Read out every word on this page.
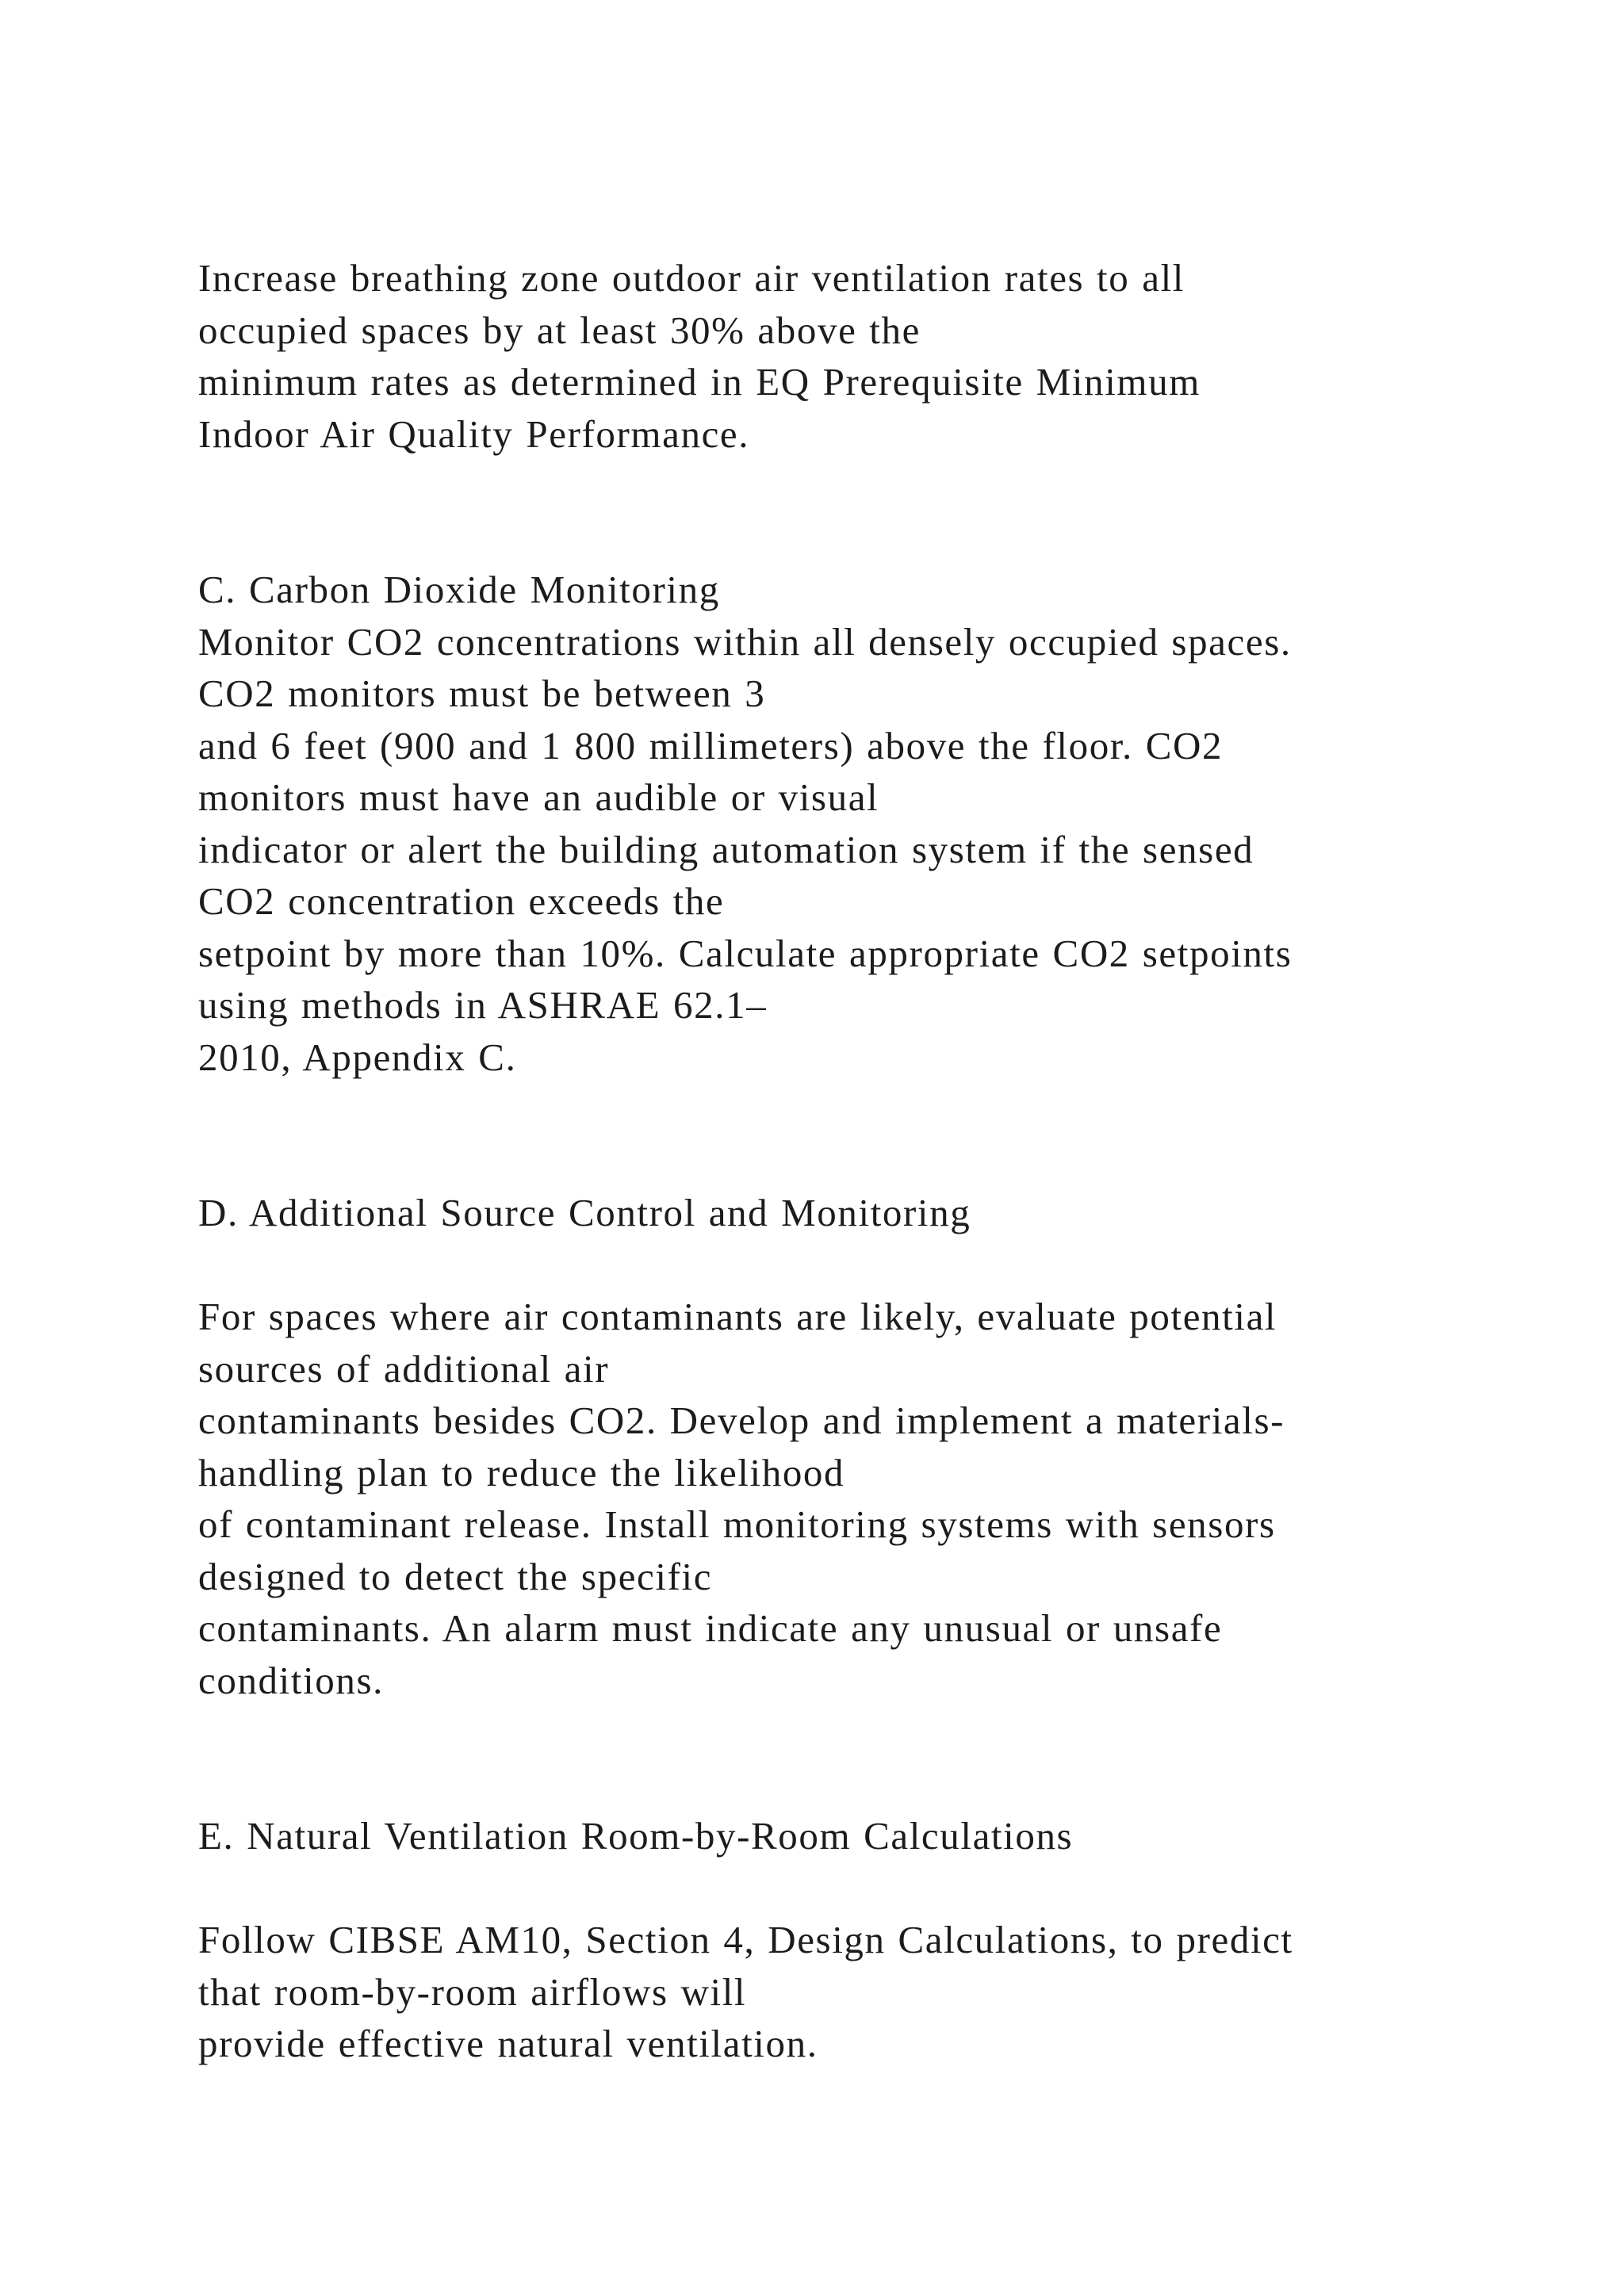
Increase breathing zone outdoor air ventilation rates to all
occupied spaces by at least 30% above the
minimum rates as determined in EQ Prerequisite Minimum
Indoor Air Quality Performance.
C. Carbon Dioxide Monitoring
Monitor CO2 concentrations within all densely occupied spaces.
CO2 monitors must be between 3
and 6 feet (900 and 1 800 millimeters) above the floor. CO2
monitors must have an audible or visual
indicator or alert the building automation system if the sensed
CO2 concentration exceeds the
setpoint by more than 10%. Calculate appropriate CO2 setpoints
using methods in ASHRAE 62.1–
2010, Appendix C.
D. Additional Source Control and Monitoring
For spaces where air contaminants are likely, evaluate potential
sources of additional air
contaminants besides CO2. Develop and implement a materials-
handling plan to reduce the likelihood
of contaminant release. Install monitoring systems with sensors
designed to detect the specific
contaminants. An alarm must indicate any unusual or unsafe
conditions.
E. Natural Ventilation Room-by-Room Calculations
Follow CIBSE AM10, Section 4, Design Calculations, to predict
that room-by-room airflows will
provide effective natural ventilation.
